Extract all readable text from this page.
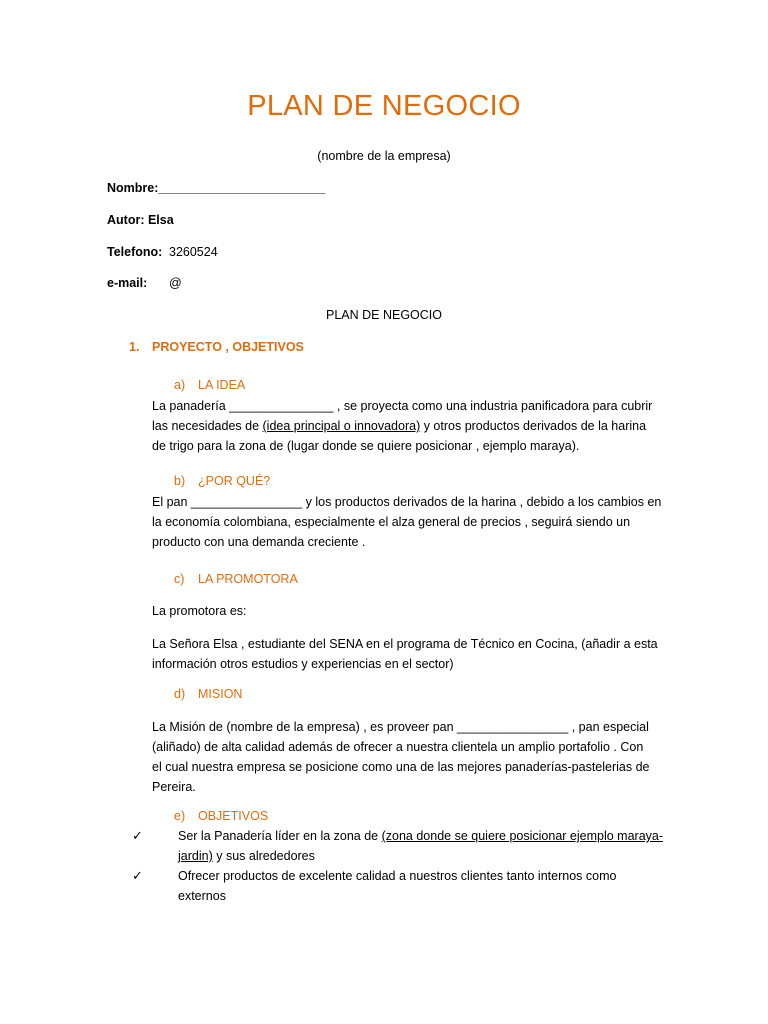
PLAN DE NEGOCIO
(nombre de la empresa)
Nombre:________________________
Autor: Elsa
Telefono: 3260524
e-mail: @
PLAN DE NEGOCIO
1. PROYECTO , OBJETIVOS
a) LA IDEA
La panadería _______________ , se proyecta como una industria panificadora para cubrir
las necesidades de (idea principal o innovadora) y otros productos derivados de la harina
de trigo para la zona de (lugar donde se quiere posicionar , ejemplo maraya).
b) ¿POR QUÉ?
El pan ________________ y los productos derivados de la harina , debido a los cambios en
la economía colombiana, especialmente el alza general de precios , seguirá siendo un
producto con una demanda creciente .
c) LA PROMOTORA
La promotora es:
La Señora Elsa , estudiante del SENA en el programa de Técnico en Cocina, (añadir a esta
información otros estudios y experiencias en el sector)
d) MISION
La Misión de (nombre de la empresa) , es proveer pan ________________ , pan especial
(aliñado) de alta calidad además de ofrecer a nuestra clientela un amplio portafolio . Con
el cual nuestra empresa se posicione como una de las mejores panaderías-pastelerias de
Pereira.
e) OBJETIVOS
✓	Ser la Panadería líder en la zona de (zona donde se quiere posicionar ejemplo maraya-
jardin) y sus alrededores
✓	Ofrecer productos de excelente calidad a nuestros clientes tanto internos como
externos
